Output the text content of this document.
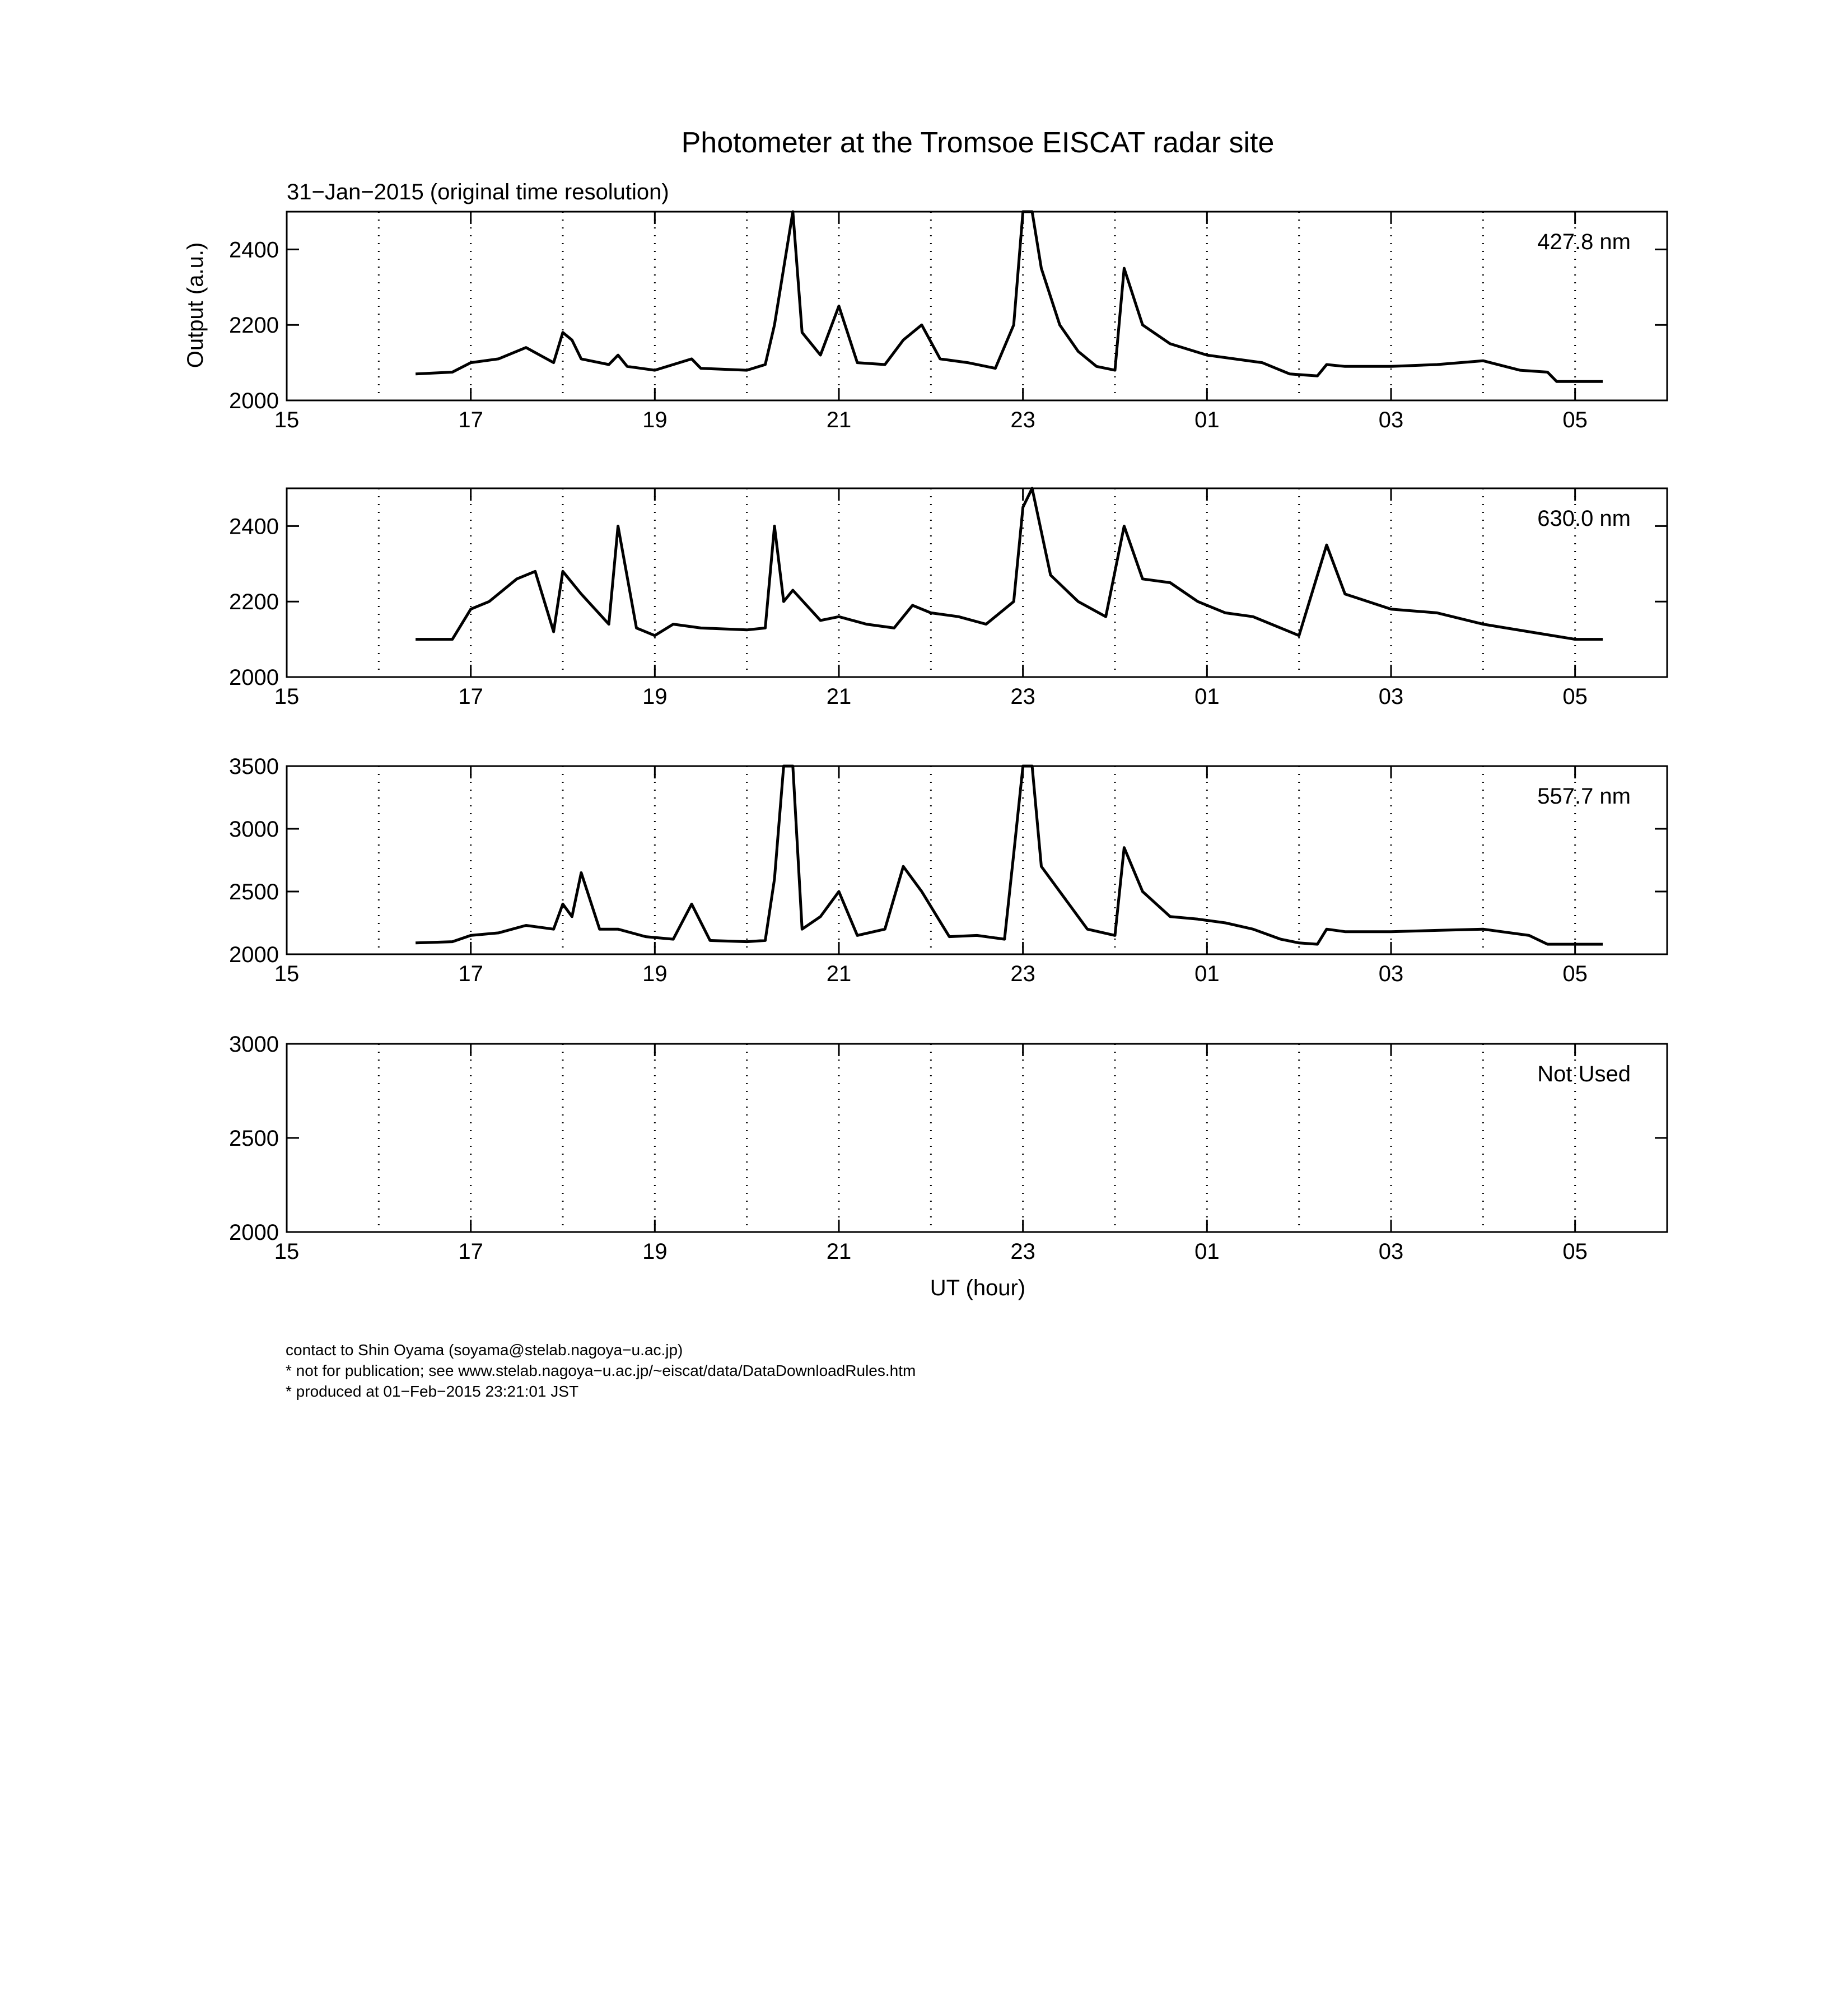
Photometer at the Tromsoe EISCAT radar site
31−Jan−2015 (original time resolution)
Output (a.u.)
UT (hour)
15	17	19	21	23	01	03	05
2000
2200
2400	427.8 nm
15	17	19	21	23	01	03	05
2000
2200
2400	630.0 nm
15	17	19	21	23	01	03	05
2000
2500
3000
3500
557.7 nm
15	17	19	21	23	01	03	05
2000
2500
3000
Not Used
contact to Shin Oyama (soyama@stelab.nagoya−u.ac.jp)
* not for publication; see www.stelab.nagoya−u.ac.jp/~eiscat/data/DataDownloadRules.htm
* produced at 01−Feb−2015 23:21:01 JST
